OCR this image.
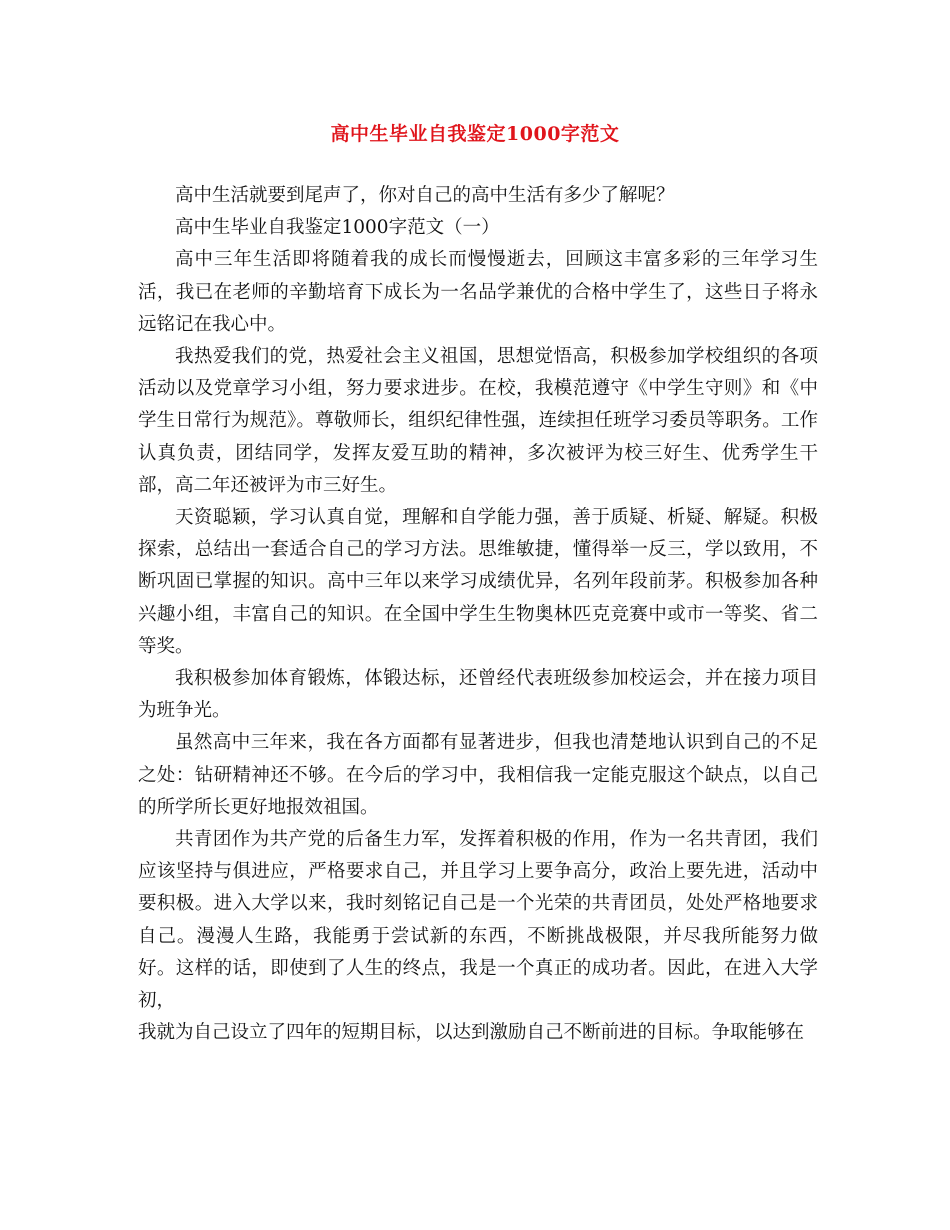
高中生毕业自我鉴定1000字范文

高中生活就要到尾声了，你对自己的高中生活有多少了解呢？

高中生毕业自我鉴定1000字范文（一）

高中三年生活即将随着我的成长而慢慢逝去，回顾这丰富多彩的三年学习生活，我已在老师的辛勤培育下成长为一名品学兼优的合格中学生了，这些日子将永远铭记在我心中。

我热爱我们的党，热爱社会主义祖国，思想觉悟高，积极参加学校组织的各项活动以及党章学习小组，努力要求进步。在校，我模范遵守《中学生守则》和《中学生日常行为规范》。尊敬师长，组织纪律性强，连续担任班学习委员等职务。工作认真负责，团结同学，发挥友爱互助的精神，多次被评为校三好生、优秀学生干部，高二年还被评为市三好生。

天资聪颖，学习认真自觉，理解和自学能力强，善于质疑、析疑、解疑。积极探索，总结出一套适合自己的学习方法。思维敏捷，懂得举一反三，学以致用，不断巩固已掌握的知识。高中三年以来学习成绩优异，名列年段前茅。积极参加各种兴趣小组，丰富自己的知识。在全国中学生生物奥林匹克竞赛中或市一等奖、省二等奖。

我积极参加体育锻炼，体锻达标，还曾经代表班级参加校运会，并在接力项目为班争光。

虽然高中三年来，我在各方面都有显著进步，但我也清楚地认识到自己的不足之处：钻研精神还不够。在今后的学习中，我相信我一定能克服这个缺点，以自己的所学所长更好地报效祖国。

共青团作为共产党的后备生力军，发挥着积极的作用，作为一名共青团，我们应该坚持与俱进应，严格要求自己，并且学习上要争高分，政治上要先进，活动中要积极。进入大学以来，我时刻铭记自己是一个光荣的共青团员，处处严格地要求自己。漫漫人生路，我能勇于尝试新的东西，不断挑战极限，并尽我所能努力做好。这样的话，即使到了人生的终点，我是一个真正的成功者。因此，在进入大学初，

我就为自己设立了四年的短期目标，以达到激励自己不断前进的目标。争取能够在
